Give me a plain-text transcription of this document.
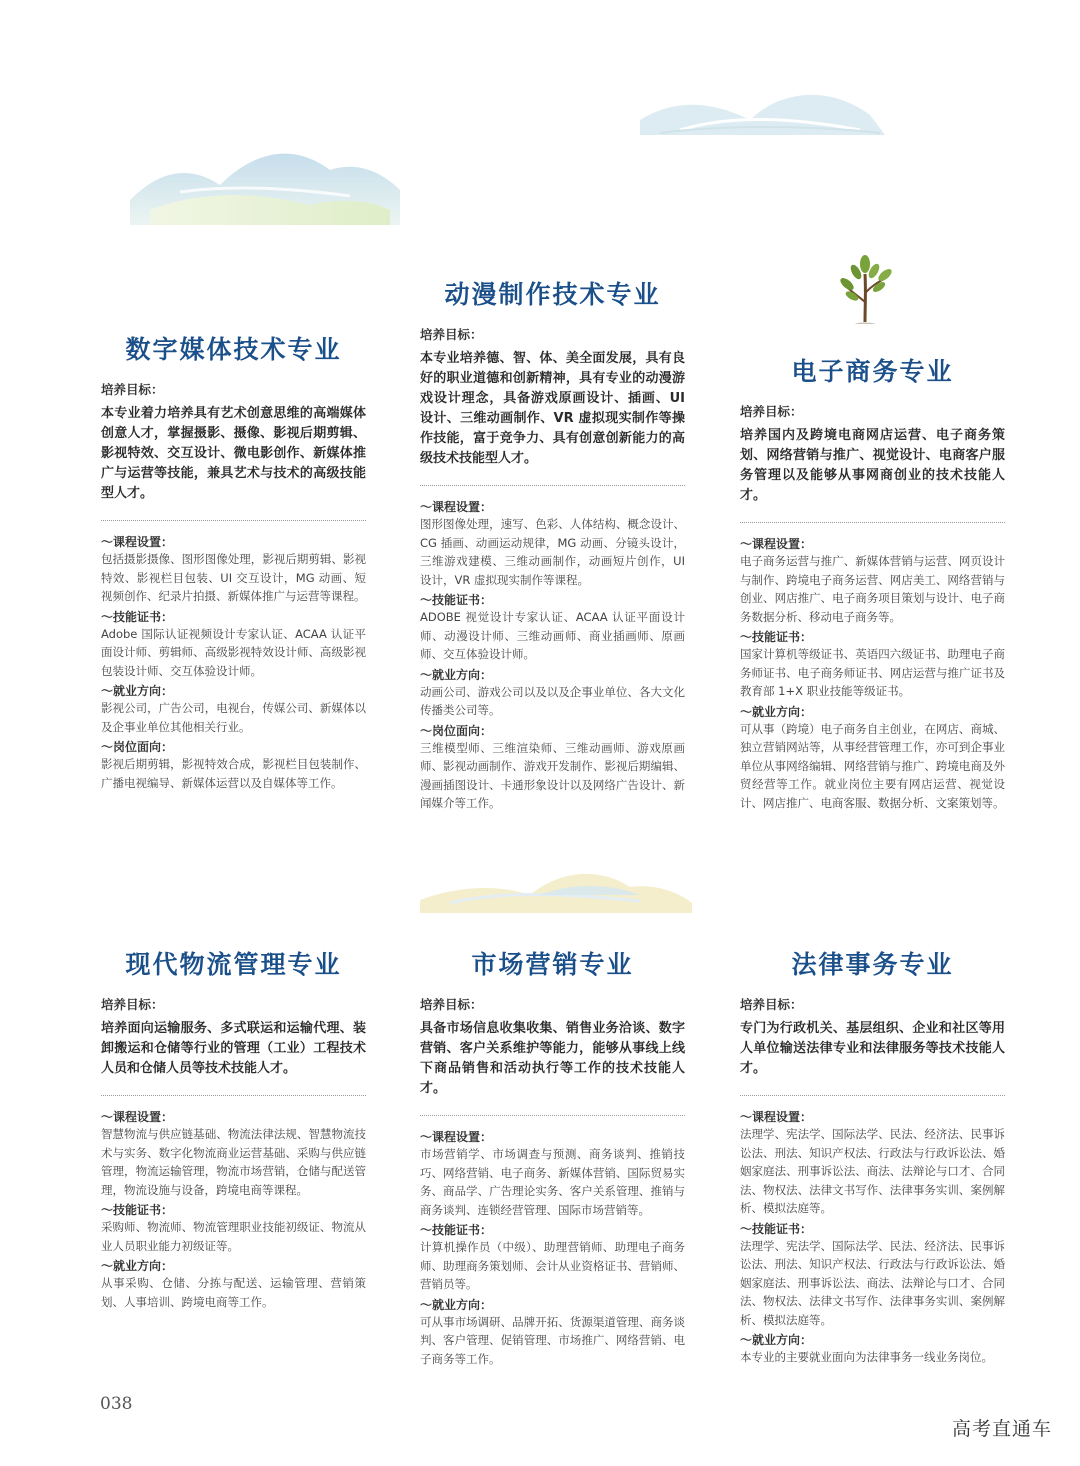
数字媒体技术专业
培养目标：
本专业着力培养具有艺术创意思维的高端媒体创意人才，掌握摄影、摄像、影视后期剪辑、影视特效、交互设计、微电影创作、新媒体推广与运营等技能，兼具艺术与技术的高级技能型人才。
～课程设置：
包括摄影摄像、图形图像处理，影视后期剪辑、影视特效、影视栏目包装、UI 交互设计，MG 动画、短视频创作、纪录片拍摄、新媒体推广与运营等课程。
～技能证书：
Adobe 国际认证视频设计专家认证、ACAA 认证平面设计师、剪辑师、高级影视特效设计师、高级影视包装设计师、交互体验设计师。
～就业方向：
影视公司，广告公司，电视台，传媒公司、新媒体以及企事业单位其他相关行业。
～岗位面向：
影视后期剪辑，影视特效合成，影视栏目包装制作、广播电视编导、新媒体运营以及自媒体等工作。
动漫制作技术专业
培养目标：
本专业培养德、智、体、美全面发展，具有良好的职业道德和创新精神，具有专业的动漫游戏设计理念，具备游戏原画设计、插画、UI 设计、三维动画制作、VR 虚拟现实制作等操作技能，富于竞争力、具有创意创新能力的高级技术技能型人才。
～课程设置：
图形图像处理，速写、色彩、人体结构、概念设计、CG 插画、动画运动规律，MG 动画、分镜头设计，三维游戏建模、三维动画制作，动画短片创作，UI 设计，VR 虚拟现实制作等课程。
～技能证书：
ADOBE 视觉设计专家认证、ACAA 认证平面设计师、动漫设计师、三维动画师、商业插画师、原画师、交互体验设计师。
～就业方向：
动画公司、游戏公司以及以及企事业单位、各大文化传播类公司等。
～岗位面向：
三维模型师、三维渲染师、三维动画师、游戏原画师、影视动画制作、游戏开发制作、影视后期编辑、漫画插图设计、卡通形象设计以及网络广告设计、新闻媒介等工作。
电子商务专业
培养目标：
培养国内及跨境电商网店运营、电子商务策划、网络营销与推广、视觉设计、电商客户服务管理以及能够从事网商创业的技术技能人才。
～课程设置：
电子商务运营与推广、新媒体营销与运营、网页设计与制作、跨境电子商务运营、网店美工、网络营销与创业、网店推广、电子商务项目策划与设计、电子商务数据分析、移动电子商务等。
～技能证书：
国家计算机等级证书、英语四六级证书、助理电子商务师证书、电子商务师证书、网店运营与推广证书及教育部 1+X 职业技能等级证书。
～就业方向：
可从事（跨境）电子商务自主创业，在网店、商城、独立营销网站等，从事经营管理工作，亦可到企事业单位从事网络编辑、网络营销与推广、跨境电商及外贸经营等工作。就业岗位主要有网店运营、视觉设计、网店推广、电商客服、数据分析、文案策划等。
现代物流管理专业
培养目标：
培养面向运输服务、多式联运和运输代理、装卸搬运和仓储等行业的管理（工业）工程技术人员和仓储人员等技术技能人才。
～课程设置：
智慧物流与供应链基础、物流法律法规、智慧物流技术与实务、数字化物流商业运营基础、采购与供应链管理，物流运输管理，物流市场营销，仓储与配送管理，物流设施与设备，跨境电商等课程。
～技能证书：
采购师、物流师、物流管理职业技能初级证、物流从业人员职业能力初级证等。
～就业方向：
从事采购、仓储、分拣与配送、运输管理、营销策划、人事培训、跨境电商等工作。
市场营销专业
培养目标：
具备市场信息收集收集、销售业务洽谈、数字营销、客户关系维护等能力，能够从事线上线下商品销售和活动执行等工作的技术技能人才。
～课程设置：
市场营销学、市场调查与预测、商务谈判、推销技巧、网络营销、电子商务、新媒体营销、国际贸易实务、商品学、广告理论实务、客户关系管理、推销与商务谈判、连锁经营管理、国际市场营销等。
～技能证书：
计算机操作员（中级）、助理营销师、助理电子商务师、助理商务策划师、会计从业资格证书、营销师、营销员等。
～就业方向：
可从事市场调研、品牌开拓、货源渠道管理、商务谈判、客户管理、促销管理、市场推广、网络营销、电子商务等工作。
法律事务专业
培养目标：
专门为行政机关、基层组织、企业和社区等用人单位输送法律专业和法律服务等技术技能人才。
～课程设置：
法理学、宪法学、国际法学、民法、经济法、民事诉讼法、刑法、知识产权法、行政法与行政诉讼法、婚姻家庭法、刑事诉讼法、商法、法辩论与口才、合同法、物权法、法律文书写作、法律事务实训、案例解析、模拟法庭等。
～技能证书：
法理学、宪法学、国际法学、民法、经济法、民事诉讼法、刑法、知识产权法、行政法与行政诉讼法、婚姻家庭法、刑事诉讼法、商法、法辩论与口才、合同法、物权法、法律文书写作、法律事务实训、案例解析、模拟法庭等。
～就业方向：
本专业的主要就业面向为法律事务一线业务岗位。
038
高考直通车
